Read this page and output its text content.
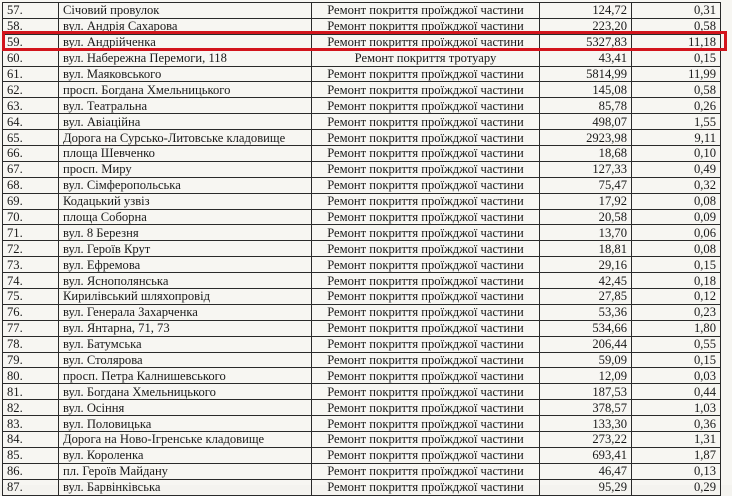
57.	Січовий провулок	Ремонт покриття проїжджої частини	124,72	0,31
58.	вул. Андрія Сахарова	Ремонт покриття проїжджої частини	223,20	0,58
59.	вул. Андрійченка	Ремонт покриття проїжджої частини	5327,83	11,18
60.	вул. Набережна Перемоги, 118	Ремонт покриття тротуару	43,41	0,15
61.	вул. Маяковського	Ремонт покриття проїжджої частини	5814,99	11,99
62.	просп. Богдана Хмельницького	Ремонт покриття проїжджої частини	145,08	0,58
63.	вул. Театральна	Ремонт покриття проїжджої частини	85,78	0,26
64.	вул. Авіаційна	Ремонт покриття проїжджої частини	498,07	1,55
65.	Дорога на Сурсько-Литовське кладовище	Ремонт покриття проїжджої частини	2923,98	9,11
66.	площа Шевченко	Ремонт покриття проїжджої частини	18,68	0,10
67.	просп. Миру	Ремонт покриття проїжджої частини	127,33	0,49
68.	вул. Сімферопольська	Ремонт покриття проїжджої частини	75,47	0,32
69.	Кодацький узвіз	Ремонт покриття проїжджої частини	17,92	0,08
70.	площа Соборна	Ремонт покриття проїжджої частини	20,58	0,09
71.	вул. 8 Березня	Ремонт покриття проїжджої частини	13,70	0,06
72.	вул. Героїв Крут	Ремонт покриття проїжджої частини	18,81	0,08
73.	вул. Ефремова	Ремонт покриття проїжджої частини	29,16	0,15
74.	вул. Яснополянська	Ремонт покриття проїжджої частини	42,45	0,18
75.	Кирилівський шляхопровід	Ремонт покриття проїжджої частини	27,85	0,12
76.	вул. Генерала Захарченка	Ремонт покриття проїжджої частини	53,36	0,23
77.	вул. Янтарна, 71, 73	Ремонт покриття проїжджої частини	534,66	1,80
78.	вул. Батумська	Ремонт покриття проїжджої частини	206,44	0,55
79.	вул. Столярова	Ремонт покриття проїжджої частини	59,09	0,15
80.	просп. Петра Калнишевського	Ремонт покриття проїжджої частини	12,09	0,03
81.	вул. Богдана Хмельницького	Ремонт покриття проїжджої частини	187,53	0,44
82.	вул. Осіння	Ремонт покриття проїжджої частини	378,57	1,03
83.	вул. Половицька	Ремонт покриття проїжджої частини	133,30	0,36
84.	Дорога на Ново-Ігренське кладовище	Ремонт покриття проїжджої частини	273,22	1,31
85.	вул. Короленка	Ремонт покриття проїжджої частини	693,41	1,87
86.	пл. Героїв Майдану	Ремонт покриття проїжджої частини	46,47	0,13
87.	вул. Барвінківська	Ремонт покриття проїжджої частини	95,29	0,29
